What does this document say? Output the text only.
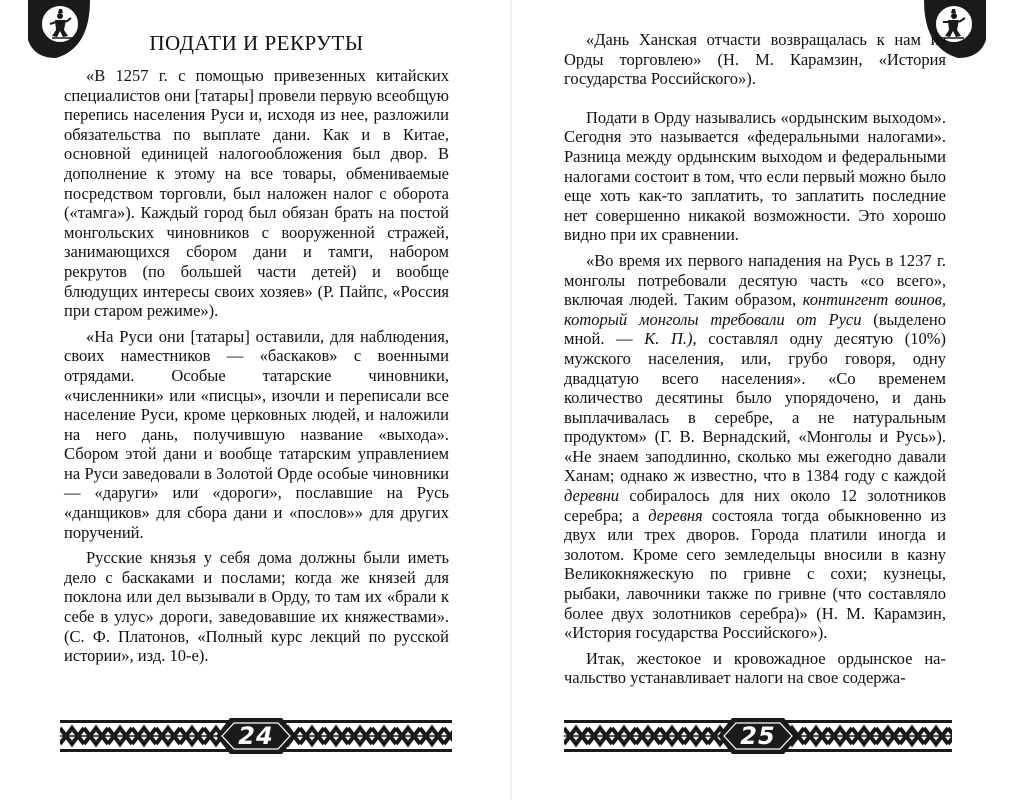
ПОДАТИ И РЕКРУТЫ

«В 1257 г. с помощью привезенных китайских специалистов они [татары] провели первую всеобщую перепись населения Руси и, исходя из нее, разложили обязательства по выплате дани. Как и в Китае, основной единицей налогообложения был двор. В дополнение к этому на все товары, обмениваемые посредством торговли, был наложен налог с оборота («тамга»). Каждый город был обязан брать на постой монгольских чиновников с вооруженной стражей, занимающихся сбором дани и тамги, набором рекрутов (по большей части детей) и вообще блюдущих интересы своих хозяев» (Р. Пайпс, «Россия при старом режиме»).

«На Руси они [татары] оставили, для наблюдения, своих наместников — «баскаков» с военными отрядами. Особые татарские чиновники, «численники» или «писцы», изочли и переписали все население Руси, кроме церковных людей, и наложили на него дань, получившую название «выхода». Сбором этой дани и вообще татарским управлением на Руси заведовали в Золотой Орде особые чиновники — «даруги» или «дороги», пославшие на Русь «данщиков» для сбора дани и «послов»» для других поручений.

Русские князья у себя дома должны были иметь дело с баскаками и послами; когда же князей для поклона или дел вызывали в Орду, то там их «брали к себе в улус» дороги, заведовавшие их княжествами». (С. Ф. Платонов, «Полный курс лекций по русской истории», изд. 10-е).

24

«Дань Ханская отчасти возвращалась к нам из Орды торговлею» (Н. М. Карамзин, «История государства Российского»).

Подати в Орду назывались «ордынским выходом». Сегодня это называется «федеральными налогами». Разница между ордынским выходом и федеральными налогами состоит в том, что если первый можно было еще хоть как-то заплатить, то заплатить последние нет совершенно никакой возможности. Это хорошо видно при их сравнении.

«Во время их первого нападения на Русь в 1237 г. монголы потребовали десятую часть «со всего», включая людей. Таким образом, контингент воинов, который монголы требовали от Руси (выделено мной. — К. П.), составлял одну десятую (10%) мужского населения, или, грубо говоря, одну двадцатую всего населения». «Со временем количество десятины было упорядочено, и дань выплачивалась в серебре, а не натуральным продуктом» (Г. В. Вернадский, «Монголы и Русь»). «Не знаем заподлинно, сколько мы ежегодно давали Ханам; однако ж известно, что в 1384 году с каждой деревни собиралось для них около 12 золотников серебра; а деревня состояла тогда обыкновенно из двух или трех дворов. Города платили иногда и золотом. Кроме сего земледельцы вносили в казну Великокняжескую по гривне с сохи; кузнецы, рыбаки, лавочники также по гривне (что составляло более двух золотников серебра)» (Н. М. Карамзин, «История государства Российского»).

Итак, жестокое и кровожадное ордынское начальство устанавливает налоги на свое содержа-

25
